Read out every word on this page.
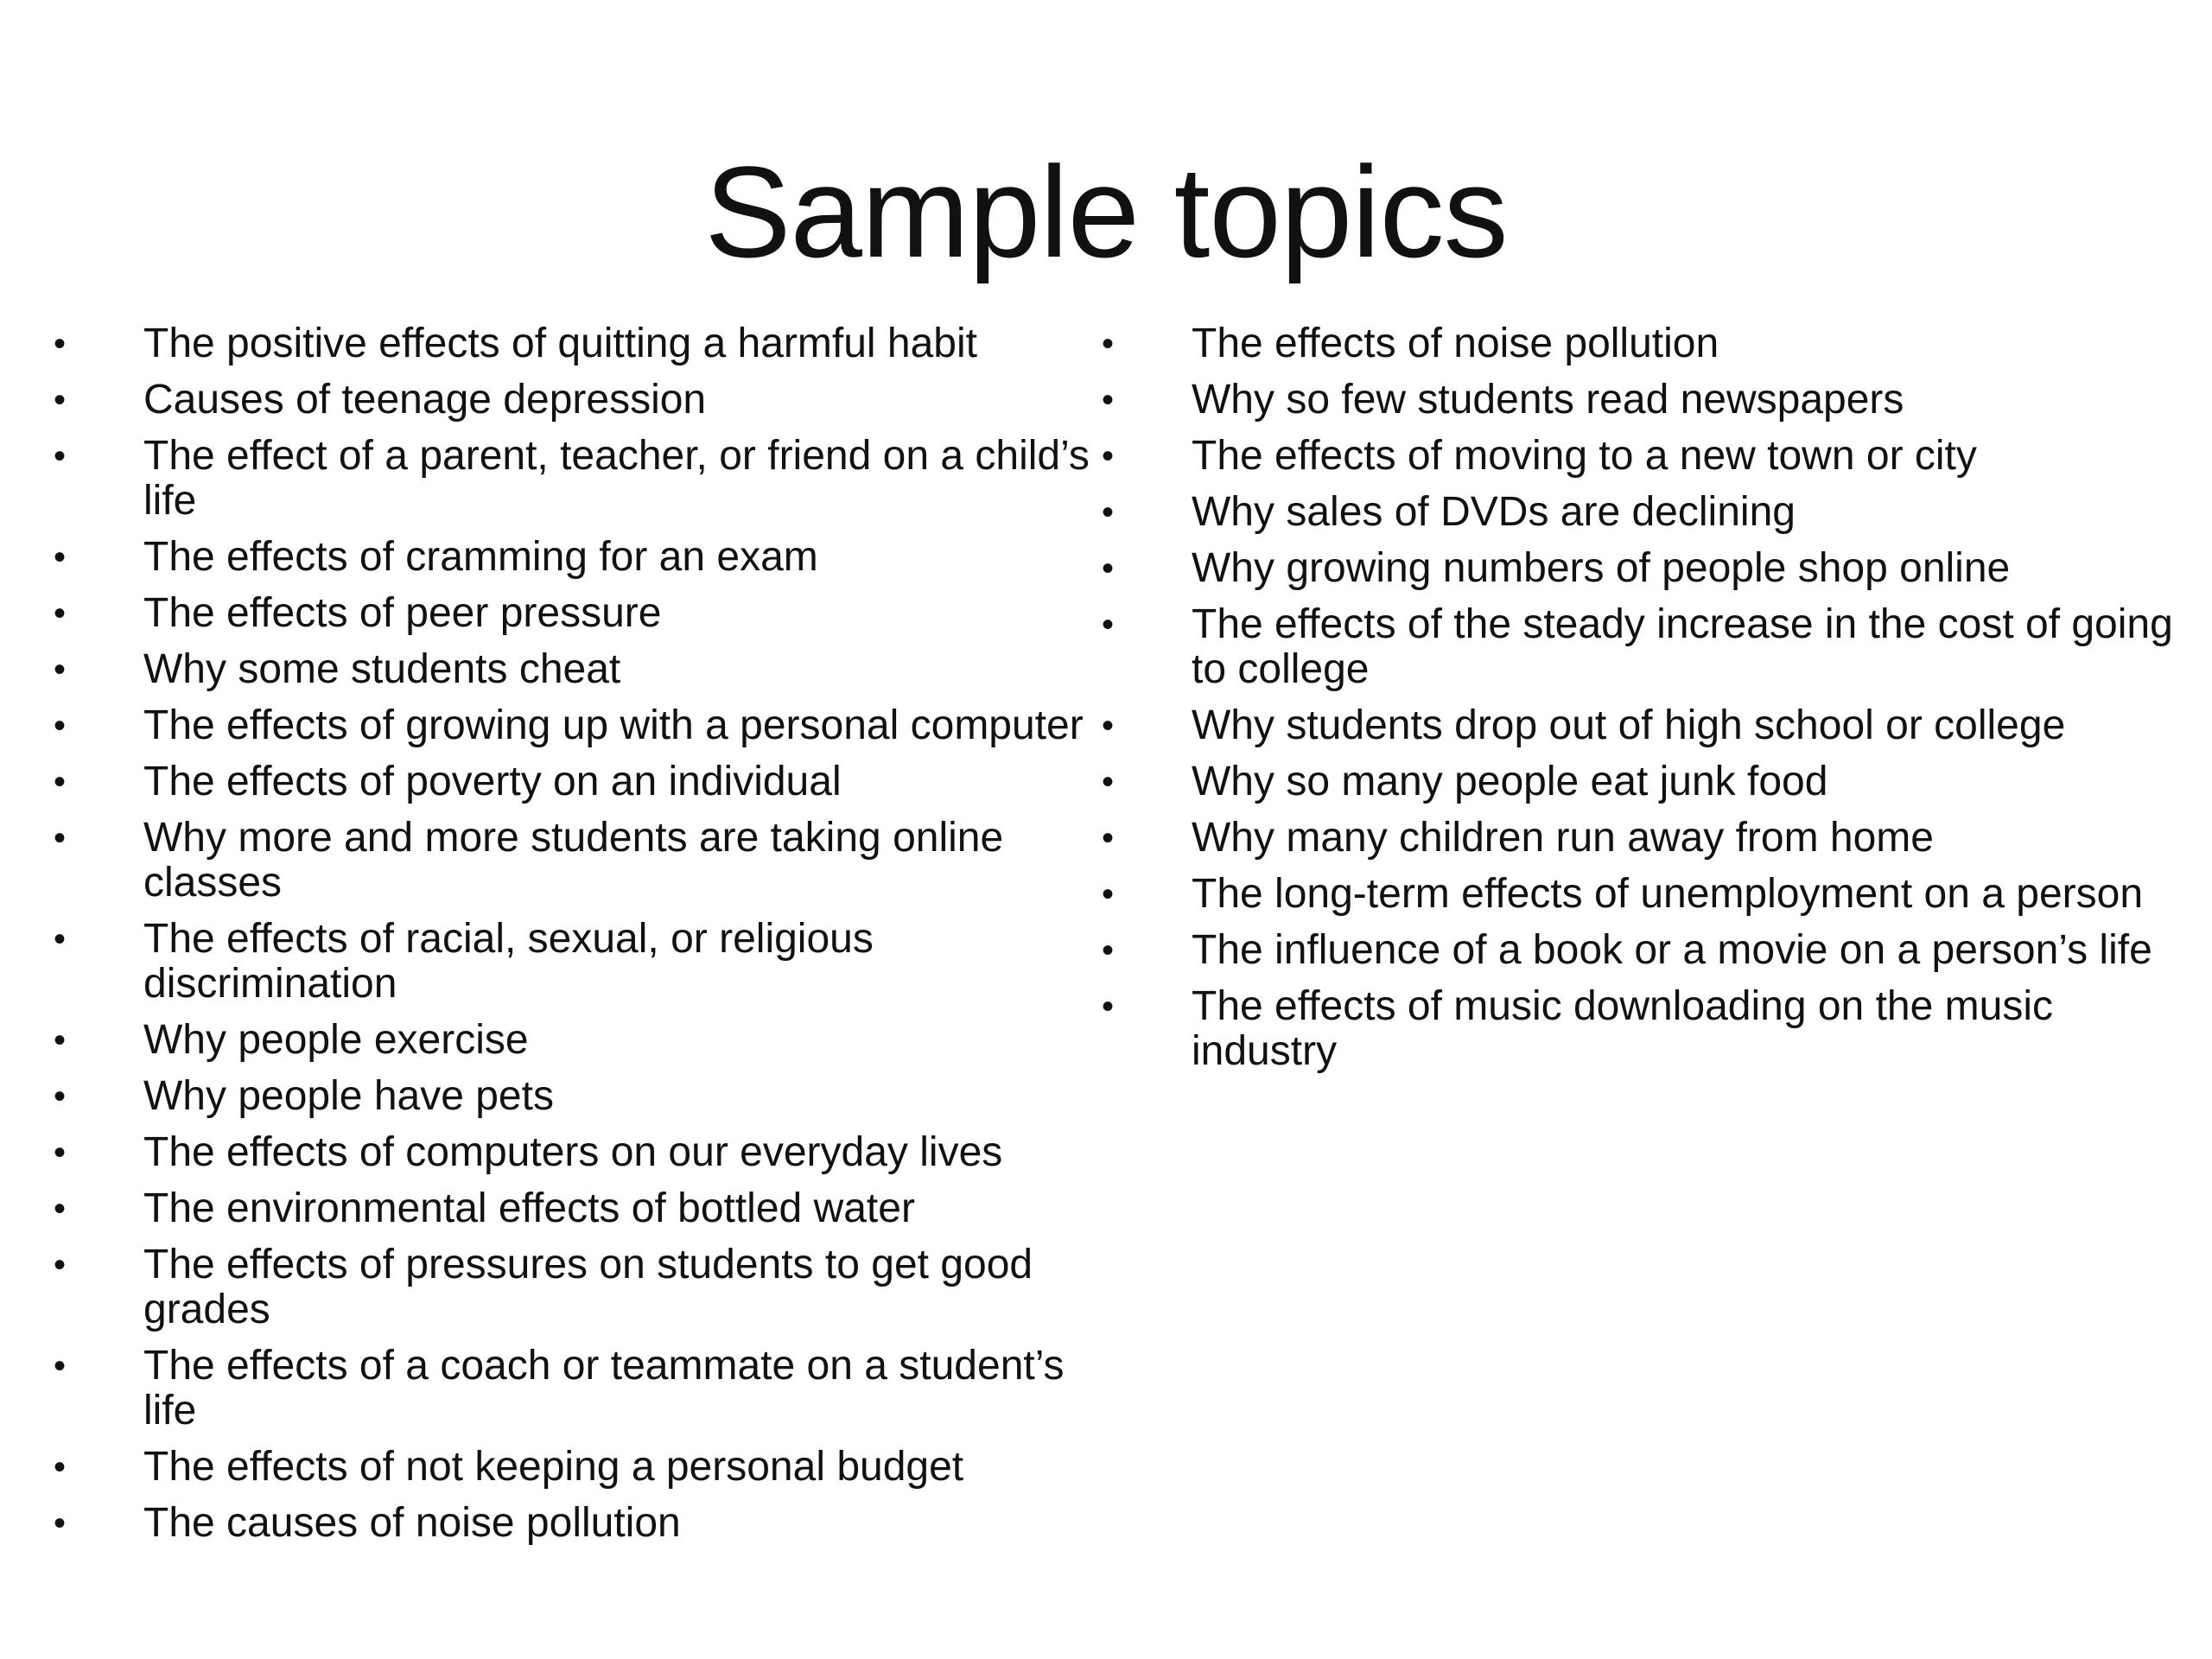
Sample topics
•	The positive effects of quitting a harmful habit
•	Causes of teenage depression
•	The effect of a parent, teacher, or friend on a child’s life
•	The effects of cramming for an exam
•	The effects of peer pressure
•	Why some students cheat
•	The effects of growing up with a personal computer
•	The effects of poverty on an individual
•	Why more and more students are taking online classes
•	The effects of racial, sexual, or religious discrimination
•	Why people exercise
•	Why people have pets
•	The effects of computers on our everyday lives
•	The environmental effects of bottled water
•	The effects of pressures on students to get good grades
•	The effects of a coach or teammate on a student’s life
•	The effects of not keeping a personal budget
•	The causes of noise pollution
•	The effects of noise pollution
•	Why so few students read newspapers
•	The effects of moving to a new town or city
•	Why sales of DVDs are declining
•	Why growing numbers of people shop online
•	The effects of the steady increase in the cost of going to college
•	Why students drop out of high school or college
•	Why so many people eat junk food
•	Why many children run away from home
•	The long-term effects of unemployment on a person
•	The influence of a book or a movie on a person’s life
•	The effects of music downloading on the music industry
